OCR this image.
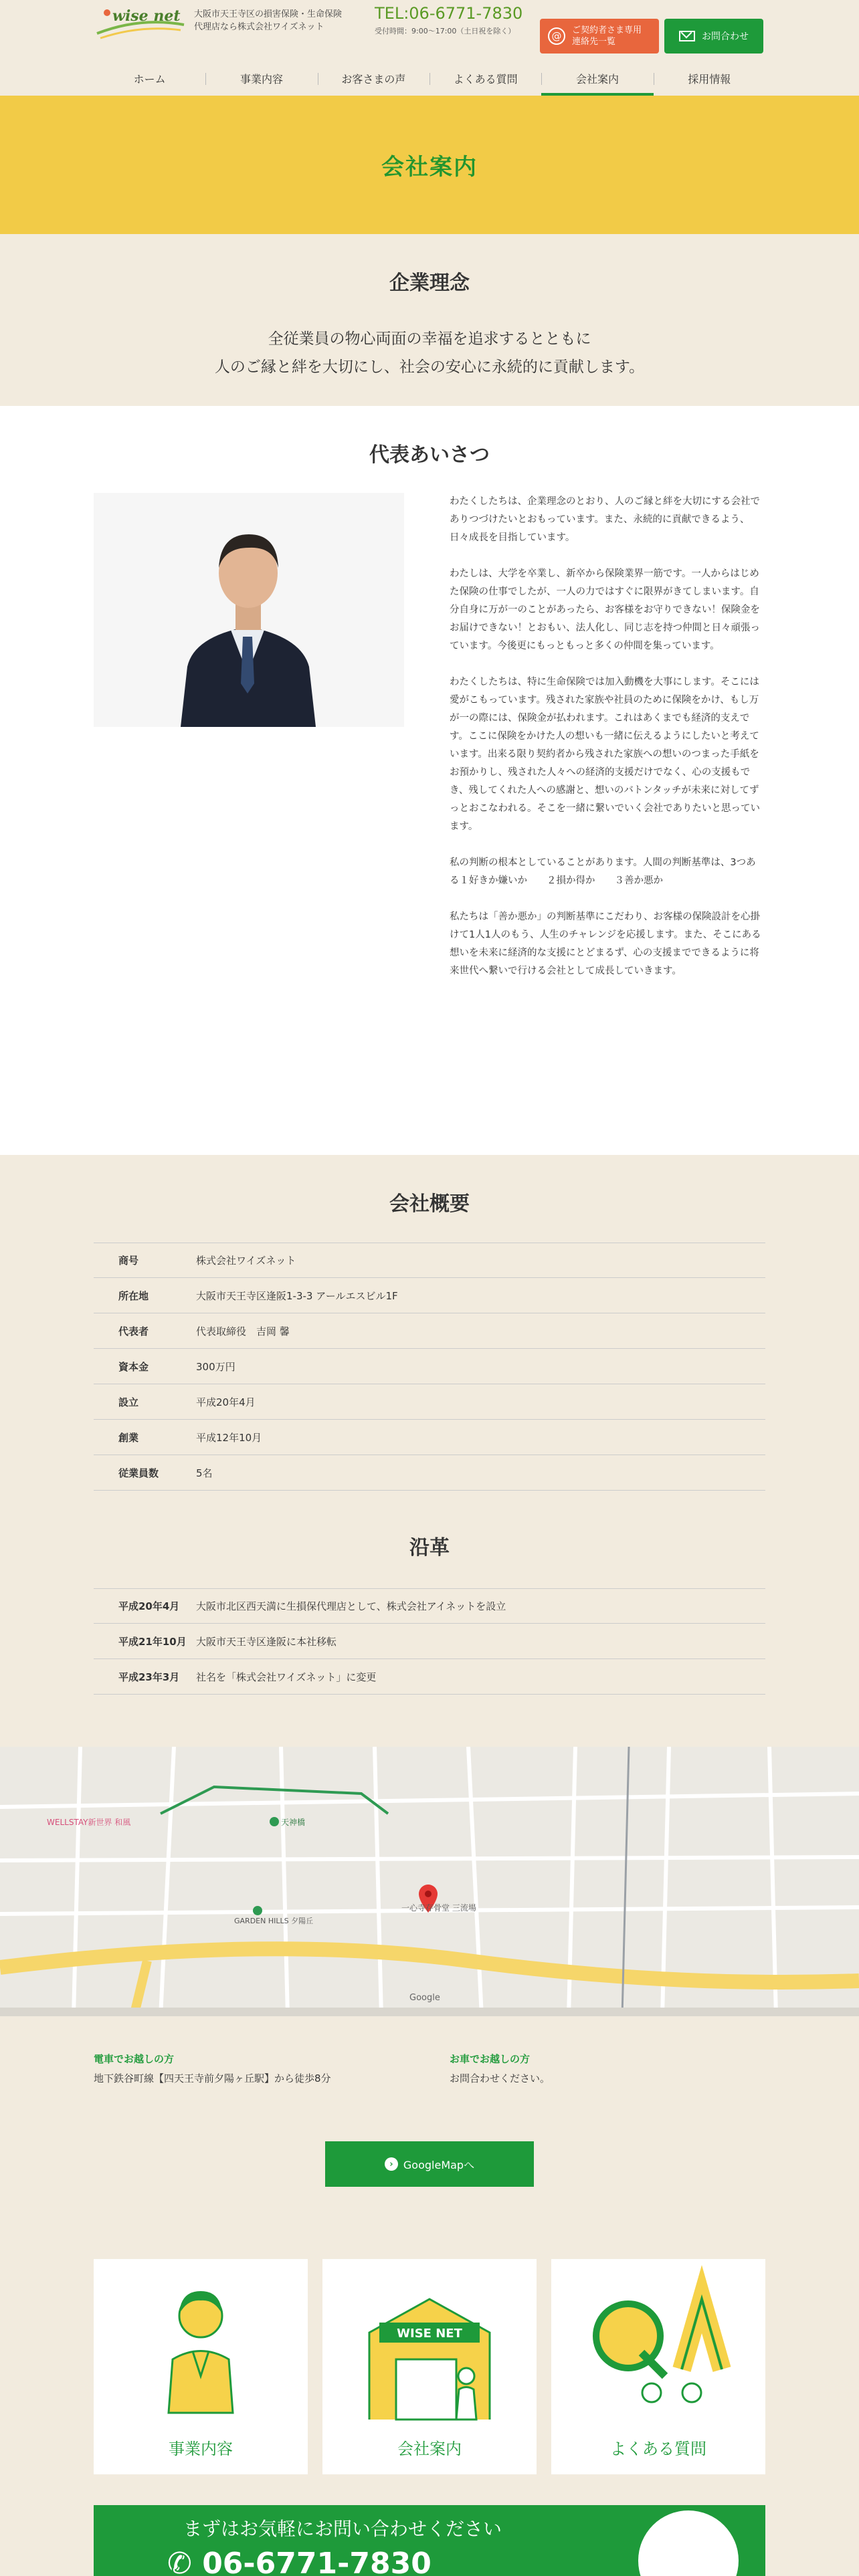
wise net 大阪市天王寺区の損害保険・生命保険
代理店なら株式会社ワイズネット
TEL:06-6771-7830
受付時間：9:00〜17:00（土日祝を除く）	@	ご契約者さま専用
連絡先一覧	お問合わせ
ホーム	事業内容	お客さまの声	よくある質問	会社案内	採用情報
会社案内
企業理念

全従業員の物心両面の幸福を追求するとともに

人のご縁と絆を大切にし、社会の安心に永続的に貢献します。

代表あいさつ

わたくしたちは、企業理念のとおり、人のご縁と絆を大切にする会社でありつづけたいとおもっています。また、永続的に貢献できるよう、日々成長を目指しています。

わたしは、大学を卒業し、新卒から保険業界一筋です。一人からはじめた保険の仕事でしたが、一人の力ではすぐに限界がきてしまいます。自分自身に万が一のことがあったら、お客様をお守りできない！保険金をお届けできない！とおもい、法人化し、同じ志を持つ仲間と日々頑張っています。今後更にもっともっと多くの仲間を集っています。

わたくしたちは、特に生命保険では加入動機を大事にします。そこには愛がこもっています。残された家族や社員のために保険をかけ、もし万が一の際には、保険金が払われます。これはあくまでも経済的支えです。ここに保険をかけた人の想いも一緒に伝えるようにしたいと考えています。出来る限り契約者から残された家族への想いのつまった手紙をお預かりし、残された人々への経済的支援だけでなく、心の支援もでき、残してくれた人への感謝と、想いのバトンタッチが未来に対してずっとおこなわれる。そこを一緒に繋いでいく会社でありたいと思っています。

私の判断の根本としていることがあります。人間の判断基準は、3つある１好きか嫌いか　　２損か得か　　３善か悪か

私たちは「善か悪か」の判断基準にこだわり、お客様の保険設計を心掛けて1人1人のもう、人生のチャレンジを応援します。また、そこにある想いを未来に経済的な支援にとどまるず、心の支援までできるように将来世代へ繋いで行ける会社として成長していきます。

会社概要
商号	株式会社ワイズネット
所在地	大阪市天王寺区逢阪1-3-3 アールエスビル1F
代表者	代表取締役　吉岡 馨
資本金	300万円
設立	平成20年4月
創業	平成12年10月
従業員数	5名
沿革
平成20年4月	大阪市北区西天満に生損保代理店として、株式会社アイネットを設立
平成21年10月 大阪市天王寺区逢阪に本社移転
平成23年3月	社名を「株式会社ワイズネット」に変更
WELLSTAY新世界 和風	天神橋
GARDEN HILLS 夕陽丘
一心寺存骨堂 三流場
Google
電車でお越しの方
地下鉄谷町線【四天王寺前夕陽ヶ丘駅】から徒歩8分
お車でお越しの方
お問合わせください。
› GoogleMapへ
事業内容
WISE NET
会社案内	よくある質問
まずはお気軽にお問い合わせください
✆ 06-6771-7830
